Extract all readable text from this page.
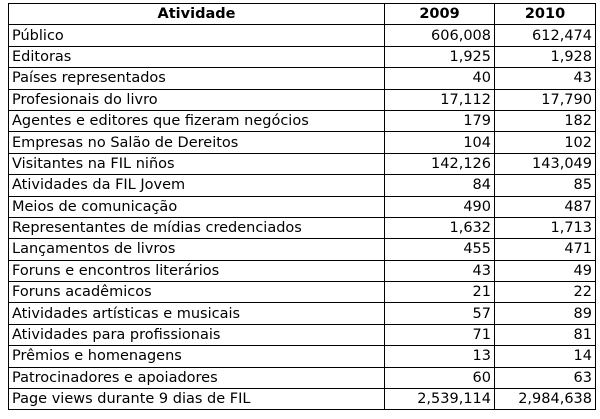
Atividade	2009	2010
Público	606,008	612,474
Editoras	1,925	1,928
Países representados	40	43
Profesionais do livro	17,112	17,790
Agentes e editores que fizeram negócios	179	182
Empresas no Salão de Dereitos	104	102
Visitantes na FIL niños	142,126	143,049
Atividades da FIL Jovem	84	85
Meios de comunicação	490	487
Representantes de mídias credenciados	1,632	1,713
Lançamentos de livros	455	471
Foruns e encontros literários	43	49
Foruns acadêmicos	21	22
Atividades artísticas e musicais	57	89
Atividades para profissionais	71	81
Prêmios e homenagens	13	14
Patrocinadores e apoiadores	60	63
Page views durante 9 dias de FIL	2,539,114	2,984,638
